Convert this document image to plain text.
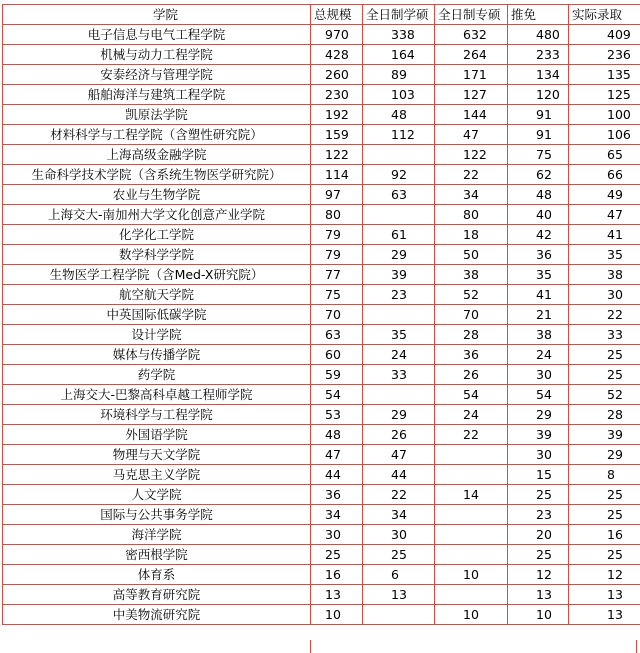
学院	总规模	全日制学硕	全日制专硕	推免	实际录取
电子信息与电气工程学院	970	338	632	480	409
机械与动力工程学院	428	164	264	233	236
安泰经济与管理学院	260	89	171	134	135
船舶海洋与建筑工程学院	230	103	127	120	125
凯原法学院	192	48	144	91	100
材料科学与工程学院（含塑性研究院）	159	112	47	91	106
上海高级金融学院	122		122	75	65
生命科学技术学院（含系统生物医学研究院）	114	92	22	62	66
农业与生物学院	97	63	34	48	49
上海交大-南加州大学文化创意产业学院	80		80	40	47
化学化工学院	79	61	18	42	41
数学科学学院	79	29	50	36	35
生物医学工程学院（含Med-X研究院）	77	39	38	35	38
航空航天学院	75	23	52	41	30
中英国际低碳学院	70		70	21	22
设计学院	63	35	28	38	33
媒体与传播学院	60	24	36	24	25
药学院	59	33	26	30	25
上海交大-巴黎高科卓越工程师学院	54		54	54	52
环境科学与工程学院	53	29	24	29	28
外国语学院	48	26	22	39	39
物理与天文学院	47	47		30	29
马克思主义学院	44	44		15	8
人文学院	36	22	14	25	25
国际与公共事务学院	34	34		23	25
海洋学院	30	30		20	16
密西根学院	25	25		25	25
体育系	16	6	10	12	12
高等教育研究院	13	13		13	13
中美物流研究院	10		10	10	13
